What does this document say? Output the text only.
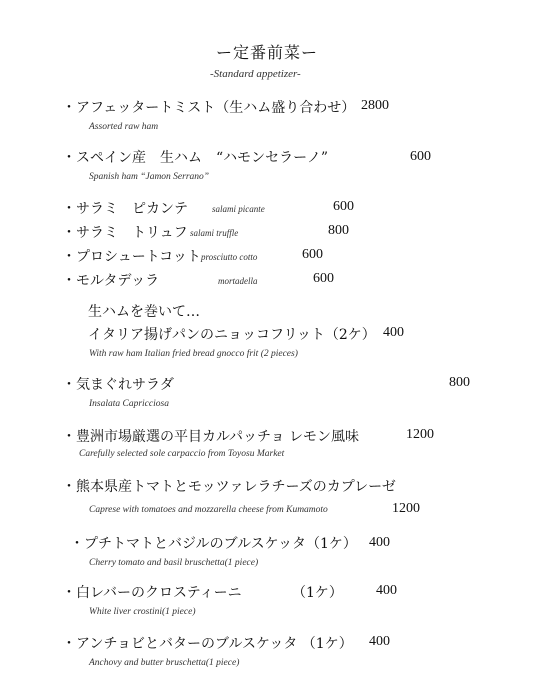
ー定番前菜ー
-Standard appetizer-
・アフェッタートミスト（生ハム盛り合わせ） 2800
Assorted raw ham
・スペイン産　生ハム　“ハモンセラーノ”	600
Spanish ham “Jamon Serrano”
・サラミ　ピカンテ	salami picante	600
・サラミ　トリュフ salami truffle	800
・プロシュートコット prosciutto cotto	600
・モルタデッラ	mortadella	600
生ハムを巻いて…
イタリア揚げパンのニョッコフリット（2ケ） 400
With raw ham Italian fried bread gnocco frit (2 pieces)
・気まぐれサラダ	800
Insalata Capricciosa
・豊洲市場厳選の平目カルパッチョ レモン風味	1200
Carefully selected sole carpaccio from Toyosu Market
・熊本県産トマトとモッツァレラチーズのカプレーゼ
Caprese with tomatoes and mozzarella cheese from Kumamoto	1200
・プチトマトとバジルのブルスケッタ（1ケ） 400
Cherry tomato and basil bruschetta(1 piece)
・白レバーのクロスティーニ	（1ケ） 400
White liver crostini(1 piece)
・アンチョビとバターのブルスケッタ （1ケ） 400
Anchovy and butter bruschetta(1 piece)
